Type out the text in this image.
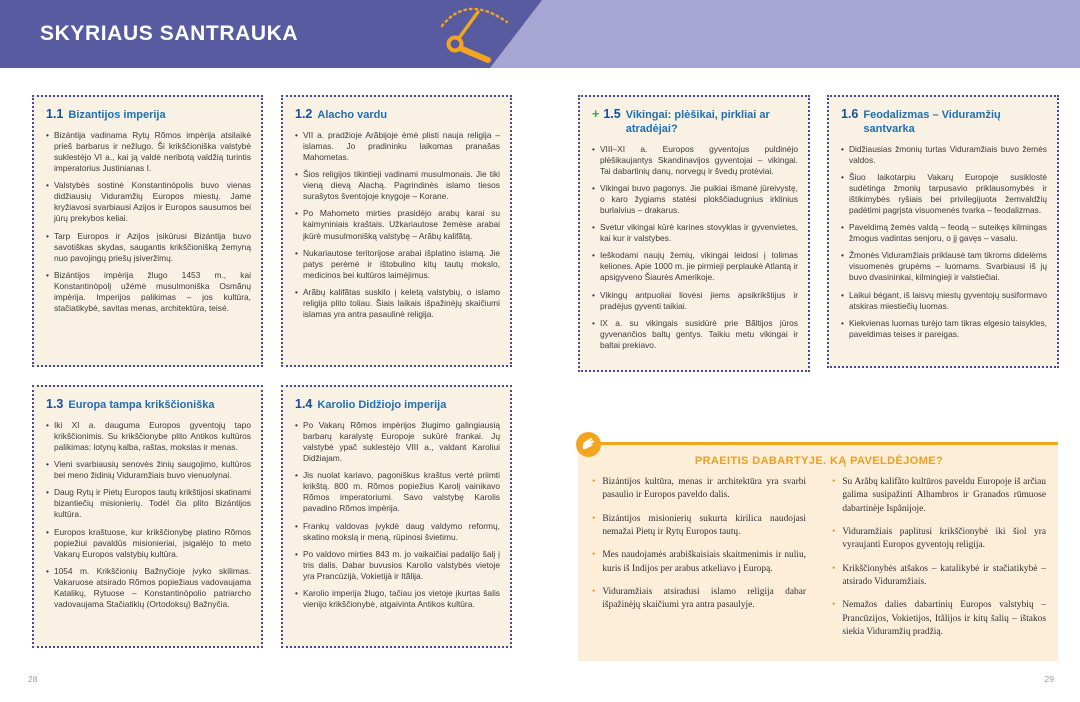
SKYRIAUS SANTRAUKA
1.1 Bizantijos imperija
• Bizántija vadinama Rytų Rõmos impèrija atsilaikė prieš barbarus ir nežlugo. Ši krikščioniška valstybė suklestėjo VI a., kai ją valdė neribotą valdžią turintis imperatorius Justinianas I.
• Valstybės sostinė Konstantinòpolis buvo vienas didžiausių Viduramžių Europos miestų. Jame kryžiavosi svarbiausi Azijos ir Europos sausumos bei jūrų prekybos keliai.
• Tarp Europos ir Azijos įsikūrusi Bizántija buvo savotiškas skydas, saugantis krikščionišką žemyną nuo pavojingų priešų įsiveržimų.
• Bizántijos impèrija žlugo 1453 m., kai Konstantinòpolį užėmė musulmoniška Osmãnų impèrija. Imperijos palikimas – jos kultūra, stačiatikybė, savitas menas, architektūra, teisė.
1.2 Alacho vardu
• VII a. pradžioje Arãbijoje ėmė plisti nauja religija – islamas. Jo pradininku laikomas pranašas Mahometas.
• Šios religijos tikintieji vadinami musulmonais. Jie tiki vieną dievą Alachą. Pagrindinės islamo tiesos surašytos šventojoje knygoje – Korane.
• Po Mahometo mirties prasidėjo arabų karai su kaimyniniais kraštais. Užkariautose žemėse arabai įkūrė musulmonišką valstybę – Arãbų kalifãtą.
• Nukariautose teritorijose arabai išplatino islamą. Jie patys perėmė ir ištobulino kitų tautų mokslo, medicinos bei kultūros laimėjimus.
• Arãbų kalifãtas suskilo į keletą valstybių, o islamo religija plito toliau. Šiais laikais išpažinėjų skaičiumi islamas yra antra pasaulinė religija.
1.3 Europa tampa krikščioniška
• Iki XI a. dauguma Europos gyventojų tapo krikščionimis. Su krikščionybe plito Antikos kultūros palikimas: lotynų kalba, raštas, mokslas ir menas.
• Vieni svarbiausių senovės žinių saugojimo, kultūros bei meno židinių Viduramžiais buvo vienuolynai.
• Daug Rytų ir Pietų Europos tautų krikštijosi skatinami bizantiečių misionierių. Todėl čia plito Bizántijos kultūra.
• Europos kraštuose, kur krikščionybę platino Rõmos popiežiui pavaldūs misionieriai, įsigalėjo to meto Vakarų Europos valstybių kultūra.
• 1054 m. Krikščionių Bažnyčioje įvyko skilimas. Vakaruose atsirado Rõmos popiežiaus vadovaujama Katalikų, Rytuose – Konstantinòpolio patriarcho vadovaujama Stačiatikių (Ortodoksų) Bažnyčia.
1.4 Karolio Didžiojo imperija
• Po Vakarų Rõmos impèrijos žlugimo galingiausią barbarų karalystę Europoje sukūrė frankai. Jų valstybė ypač suklestėjo VIII a., valdant Karoliui Didžiajam.
• Jis nuolat kariavo, pagoniškus kraštus vertė priimti krikštą. 800 m. Rõmos popiežius Karolį vainikavo Rõmos imperatoriumi. Savo valstybę Karolis pavadino Rõmos impèrija.
• Frankų valdovas įvykdė daug valdymo reformų, skatino mokslą ir meną, rūpinosi švietimu.
• Po valdovo mirties 843 m. jo vaikaičiai padalijo šalį į tris dalis. Dabar buvusios Karolio valstybės vietoje yra Prancūzijà, Vokietijà ir Itãlija.
• Karolio imperija žlugo, tačiau jos vietoje įkurtas šalis vienijo krikščionybė, atgaivinta Antikos kultūra.
+ 1.5 Vikingai: plėšikai, pirkliai ar atradėjai?
• VIII–XI a. Europos gyventojus puldinėjo plėšikaujantys Skandinavijos gyventojai – vikingai. Tai dabartinių danų, norvegų ir švedų protėviai.
• Vikingai buvo pagonys. Jie puikiai išmanė jūreivystę, o karo žygiams statėsi plokščiadugnius irklinius burlaivius – drakarus.
• Svetur vikingai kūrė karines stovyklas ir gyvenvietes, kai kur ir valstybes.
• Ieškodami naujų žemių, vikingai leidosi į tolimas keliones. Apie 1000 m. jie pirmieji perplaukė Atlantą ir apsigyveno Šiaurės Amerikoje.
• Vikingų antpuoliai liovėsi jiems apsikrikštijus ir pradėjus gyventi taikiai.
• IX a. su vikingais susidūrė prie Bãltijos jūros gyvenančios baltų gentys. Taikiu metu vikingai ir baltai prekiavo.
1.6 Feodalizmas – Viduramžių santvarka
• Didžiausias žmonių turtas Viduramžiais buvo žemės valdos.
• Šiuo laikotarpiu Vakarų Europoje susiklostė sudėtinga žmonių tarpusavio priklausomybės ir ištikimybės ryšiais bei privilegijuota žemvaldžių padėtimi pagrįsta visuomenės tvarka – feodalizmas.
• Paveldimą žemės valdą – feodą – suteikęs kilmingas žmogus vadintas senjoru, o jį gavęs – vasalu.
• Žmonės Viduramžiais priklausė tam tikroms didelėms visuomenės grupėms – luomams. Svarbiausi iš jų buvo dvasininkai, kilmingieji ir valstiečiai.
• Laikui bėgant, iš laisvų miestų gyventojų susiformavo atskiras miestiečių luomas.
• Kiekvienas luomas turėjo tam tikras elgesio taisykles, paveldimas teises ir pareigas.
PRAEITIS DABARTYJE. KĄ PAVELDĖJOME?
• Bizántijos kultūra, menas ir architektūra yra svarbi pasaulio ir Europos paveldo dalis.
• Bizántijos misionierių sukurta kirilica naudojasi nemažai Pietų ir Rytų Europos tautų.
• Mes naudojamės arabiškaisiais skaitmenimis ir nuliu, kuris iš Indijos per arabus atkeliavo į Europą.
• Viduramžiais atsiradusi islamo religija dabar išpažinėjų skaičiumi yra antra pasaulyje.
• Su Arãbų kalifãto kultūros paveldu Europoje iš arčiau galima susipažinti Alhambros ir Granados rūmuose dabartinėje Ispãnijoje.
• Viduramžiais paplitusi krikščionybė iki šiol yra vyraujanti Europos gyventojų religija.
• Krikščionybės atšakos – katalikybė ir stačiatikybė – atsirado Viduramžiais.
• Nemažos dalies dabartinių Europos valstybių – Prancūzijos, Vokietijos, Itãlijos ir kitų šalių – ištakos siekia Viduramžių pradžią.
28	29
